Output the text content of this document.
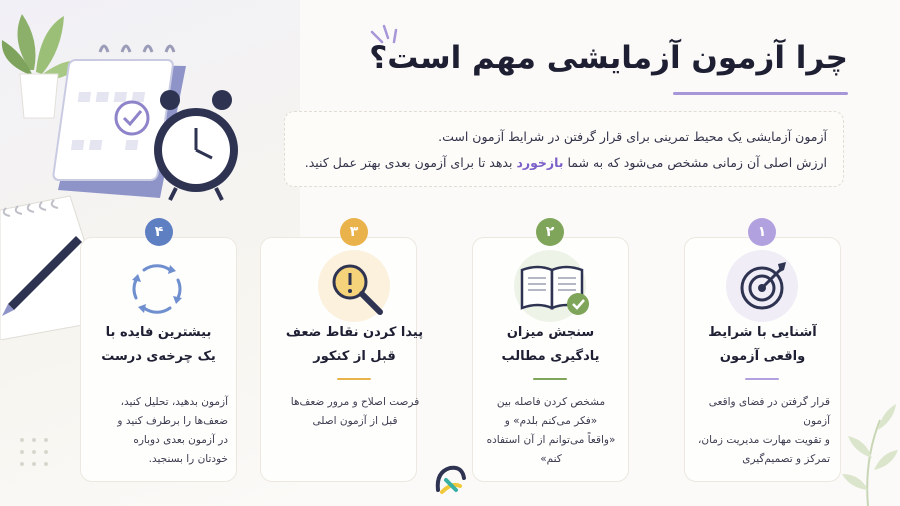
چرا آزمون آزمایشی مهم است؟
آزمون آزمایشی یک محیط تمرینی برای قرار گرفتن در شرایط آزمون است.
ارزش اصلی آن زمانی مشخص می‌شود که به شما بازخورد بدهد تا برای آزمون بعدی بهتر عمل کنید.
۱
آشنایی با شرایط
واقعی آزمون
قرار گرفتن در فضای واقعی آزمون
و تقویت مهارت مدیریت زمان،
تمرکز و تصمیم‌گیری
۲
سنجش میزان
یادگیری مطالب
مشخص کردن فاصله بین
«فکر می‌کنم بلدم» و
«واقعاً می‌توانم از آن استفاده کنم»
۳
پیدا کردن نقاط ضعف
قبل از کنکور
فرصت اصلاح و مرور ضعف‌ها
قبل از آزمون اصلی
۴
بیشترین فایده با
یک چرخه‌ی درست
آزمون بدهید، تحلیل کنید،
ضعف‌ها را برطرف کنید و
در آزمون بعدی دوباره
خودتان را بسنجید.
